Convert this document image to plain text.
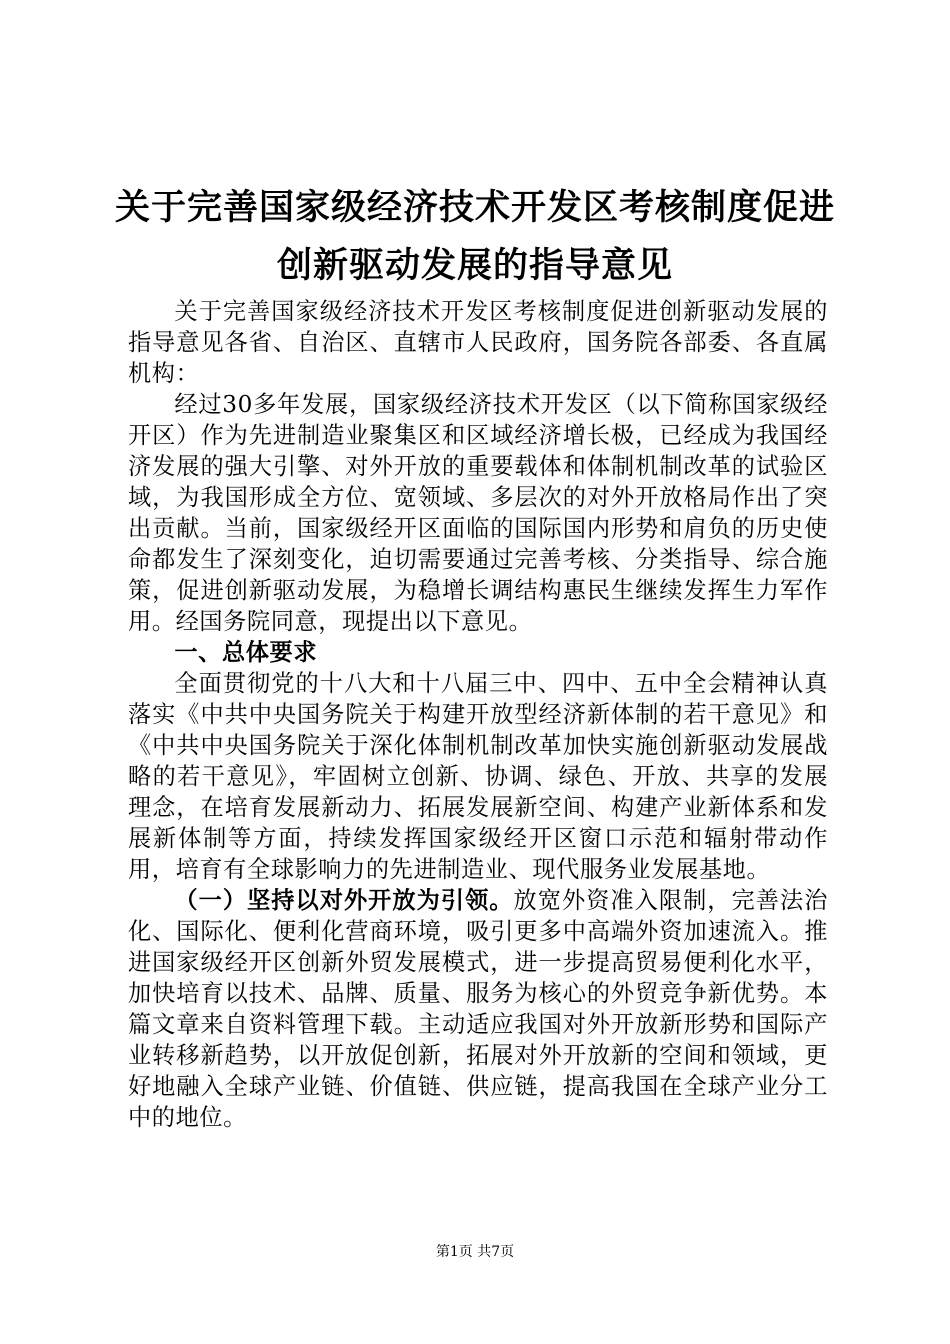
关于完善国家级经济技术开发区考核制度促进
创新驱动发展的指导意见

关于完善国家级经济技术开发区考核制度促进创新驱动发展的指导意见各省、自治区、直辖市人民政府，国务院各部委、各直属机构：

经过30多年发展，国家级经济技术开发区（以下简称国家级经开区）作为先进制造业聚集区和区域经济增长极，已经成为我国经济发展的强大引擎、对外开放的重要载体和体制机制改革的试验区域，为我国形成全方位、宽领域、多层次的对外开放格局作出了突出贡献。当前，国家级经开区面临的国际国内形势和肩负的历史使命都发生了深刻变化，迫切需要通过完善考核、分类指导、综合施策，促进创新驱动发展，为稳增长调结构惠民生继续发挥生力军作用。经国务院同意，现提出以下意见。

一、总体要求

全面贯彻党的十八大和十八届三中、四中、五中全会精神认真落实《中共中央国务院关于构建开放型经济新体制的若干意见》和《中共中央国务院关于深化体制机制改革加快实施创新驱动发展战略的若干意见》，牢固树立创新、协调、绿色、开放、共享的发展理念，在培育发展新动力、拓展发展新空间、构建产业新体系和发展新体制等方面，持续发挥国家级经开区窗口示范和辐射带动作用，培育有全球影响力的先进制造业、现代服务业发展基地。

（一）坚持以对外开放为引领。放宽外资准入限制，完善法治化、国际化、便利化营商环境，吸引更多中高端外资加速流入。推进国家级经开区创新外贸发展模式，进一步提高贸易便利化水平，加快培育以技术、品牌、质量、服务为核心的外贸竞争新优势。本篇文章来自资料管理下载。主动适应我国对外开放新形势和国际产业转移新趋势，以开放促创新，拓展对外开放新的空间和领域，更好地融入全球产业链、价值链、供应链，提高我国在全球产业分工中的地位。

第1页 共7页
